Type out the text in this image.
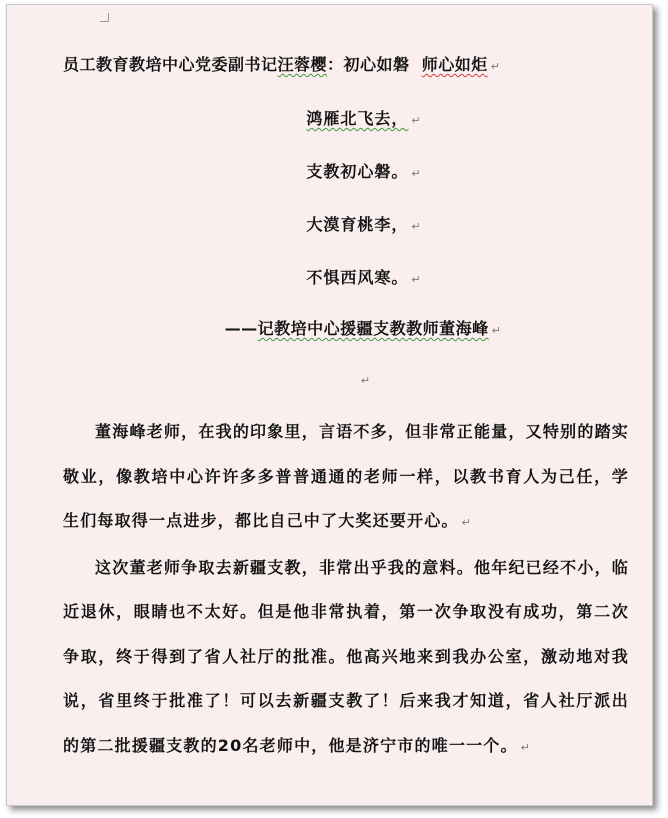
员工教育教培中心党委副书记汪蓉樱：初心如磐 师心如炬 ↵
鸿雁北飞去， ↵
支教初心磐。 ↵
大漠育桃李， ↵
不惧西风寒。 ↵
——记教培中心援疆支教教师董海峰 ↵
↵

董海峰老师，在我的印象里，言语不多，但非常正能量，又特别的踏实敬业，像教培中心许许多多普普通通的老师一样，以教书育人为己任，学生们每取得一点进步，都比自己中了大奖还要开心。 ↵

这次董老师争取去新疆支教，非常出乎我的意料。他年纪已经不小，临近退休，眼睛也不太好。但是他非常执着，第一次争取没有成功，第二次争取，终于得到了省人社厅的批准。他高兴地来到我办公室，激动地对我说，省里终于批准了！可以去新疆支教了！后来我才知道，省人社厅派出的第二批援疆支教的20名老师中，他是济宁市的唯一一个。 ↵
